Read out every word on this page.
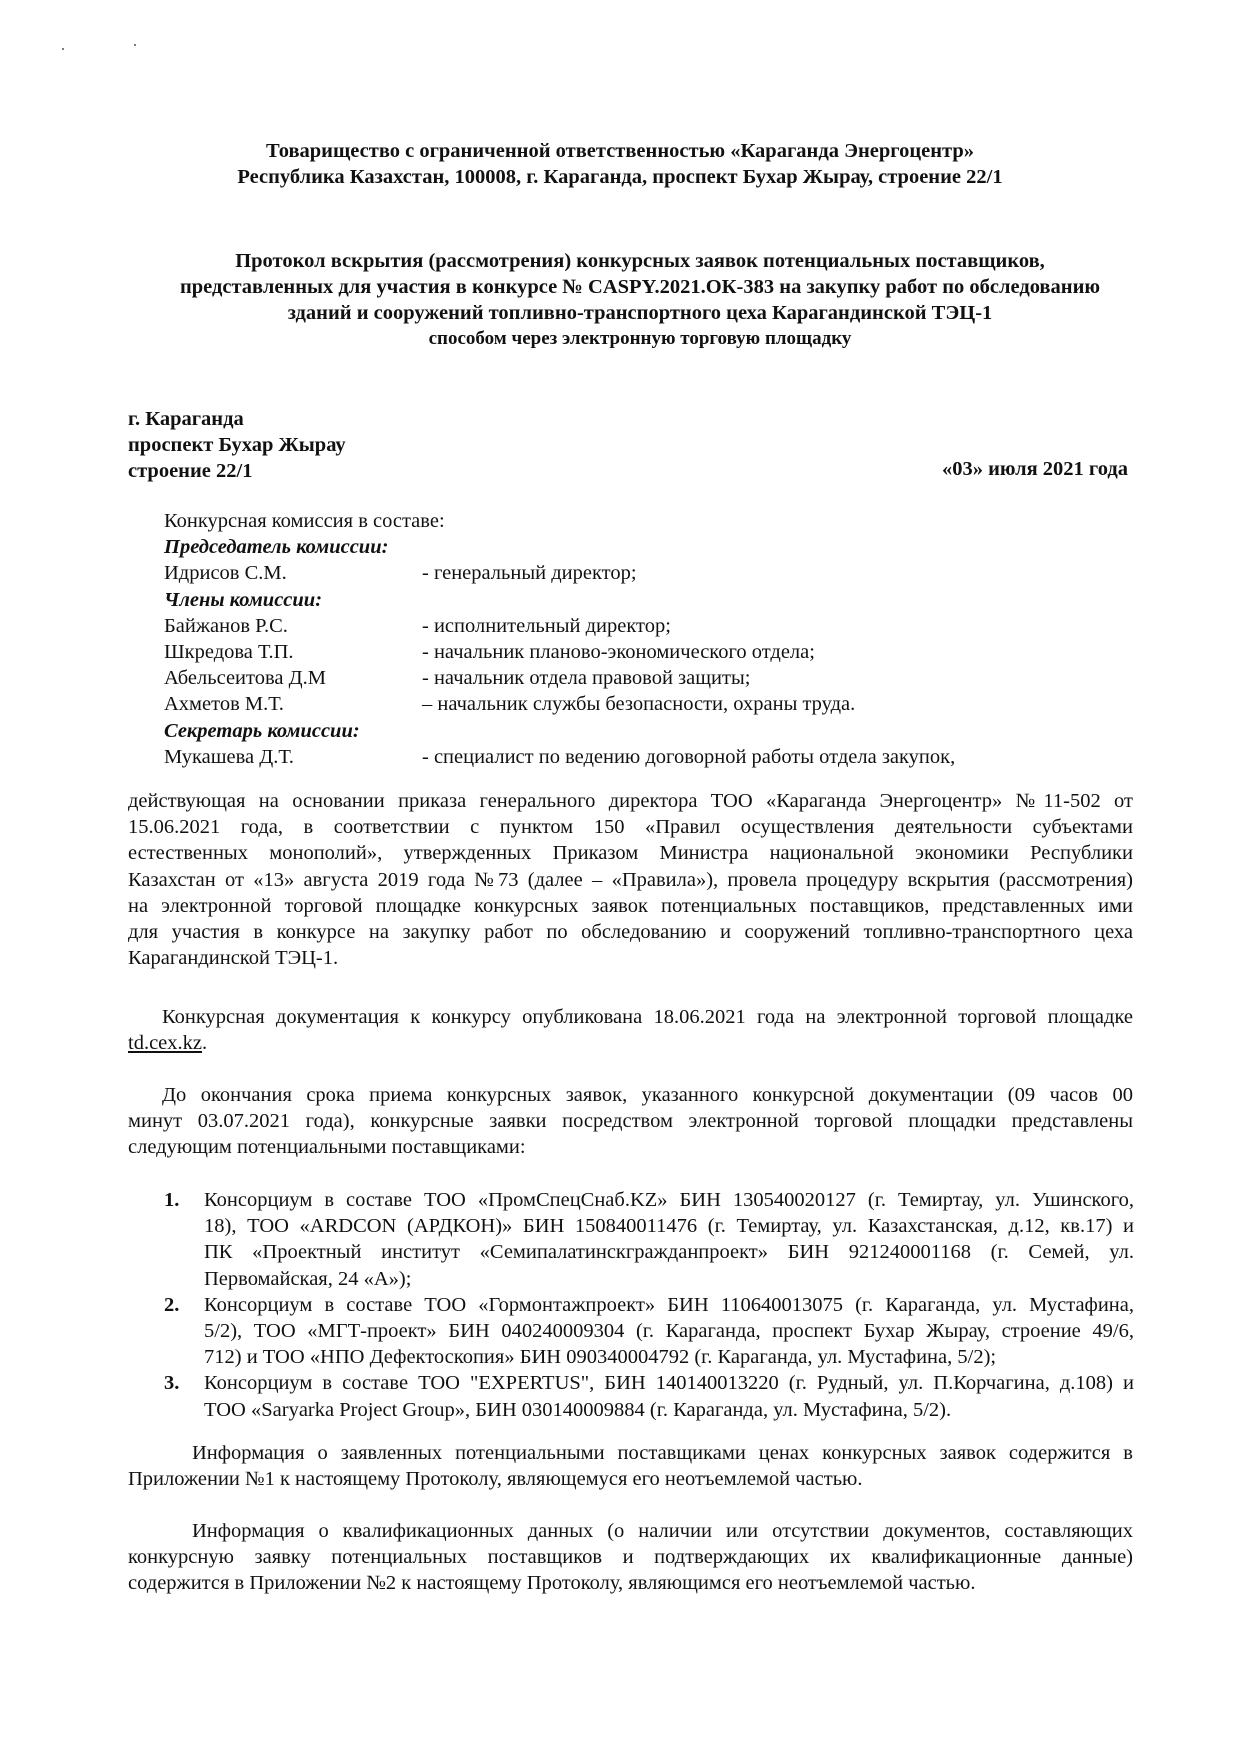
Товарищество с ограниченной ответственностью «Караганда Энергоцентр»
Республика Казахстан, 100008, г. Караганда, проспект Бухар Жырау, строение 22/1
Протокол вскрытия (рассмотрения) конкурсных заявок потенциальных поставщиков,
представленных для участия в конкурсе № CASPY.2021.ОК-383 на закупку работ по обследованию
зданий и сооружений топливно-транспортного цеха Карагандинской ТЭЦ-1
способом через электронную торговую площадку
г. Караганда
проспект Бухар Жырау
строение 22/1	«03» июля 2021 года
Конкурсная комиссия в составе:
Председатель комиссии:
Идрисов С.М.	- генеральный директор;
Члены комиссии:
Байжанов Р.С.	- исполнительный директор;
Шкредова Т.П.	- начальник планово-экономического отдела;
Абельсеитова Д.М	- начальник отдела правовой защиты;
Ахметов М.Т.	– начальник службы безопасности, охраны труда.
Секретарь комиссии:
Мукашева Д.Т.	- специалист по ведению договорной работы отдела закупок,
действующая на основании приказа генерального директора ТОО «Караганда Энергоцентр» №11-502 от
15.06.2021 года, в соответствии с пунктом 150 «Правил осуществления деятельности субъектами
естественных монополий», утвержденных Приказом Министра национальной экономики Республики
Казахстан от «13» августа 2019 года №73 (далее – «Правила»), провела процедуру вскрытия (рассмотрения)
на электронной торговой площадке конкурсных заявок потенциальных поставщиков, представленных ими
для участия в конкурсе на закупку работ по обследованию и сооружений топливно-транспортного цеха
Карагандинской ТЭЦ-1.
Конкурсная документация к конкурсу опубликована 18.06.2021 года на электронной торговой площадке
td.cex.kz.
До окончания срока приема конкурсных заявок, указанного конкурсной документации (09 часов 00
минут 03.07.2021 года), конкурсные заявки посредством электронной торговой площадки представлены
следующим потенциальными поставщиками:
1.	Консорциум в составе ТОО «ПромСпецСнаб.KZ» БИН 130540020127 (г. Темиртау, ул. Ушинского,
18), ТОО «ARDCON (АРДКОН)» БИН 150840011476 (г. Темиртау, ул. Казахстанская, д.12, кв.17) и
ПК «Проектный институт «Семипалатинскгражданпроект» БИН 921240001168 (г. Семей, ул.
Первомайская, 24 «А»);
2.	Консорциум в составе ТОО «Гормонтажпроект» БИН 110640013075 (г. Караганда, ул. Мустафина,
5/2), ТОО «МГТ-проект» БИН 040240009304 (г. Караганда, проспект Бухар Жырау, строение 49/6,
712) и ТОО «НПО Дефектоскопия» БИН 090340004792 (г. Караганда, ул. Мустафина, 5/2);
3.	Консорциум в составе ТОО "EXPERTUS", БИН 140140013220 (г. Рудный, ул. П.Корчагина, д.108) и
ТОО «Saryarka Project Group», БИН 030140009884 (г. Караганда, ул. Мустафина, 5/2).
Информация о заявленных потенциальными поставщиками ценах конкурсных заявок содержится в
Приложении №1 к настоящему Протоколу, являющемуся его неотъемлемой частью.
Информация о квалификационных данных (о наличии или отсутствии документов, составляющих
конкурсную заявку потенциальных поставщиков и подтверждающих их квалификационные данные)
содержится в Приложении №2 к настоящему Протоколу, являющимся его неотъемлемой частью.
